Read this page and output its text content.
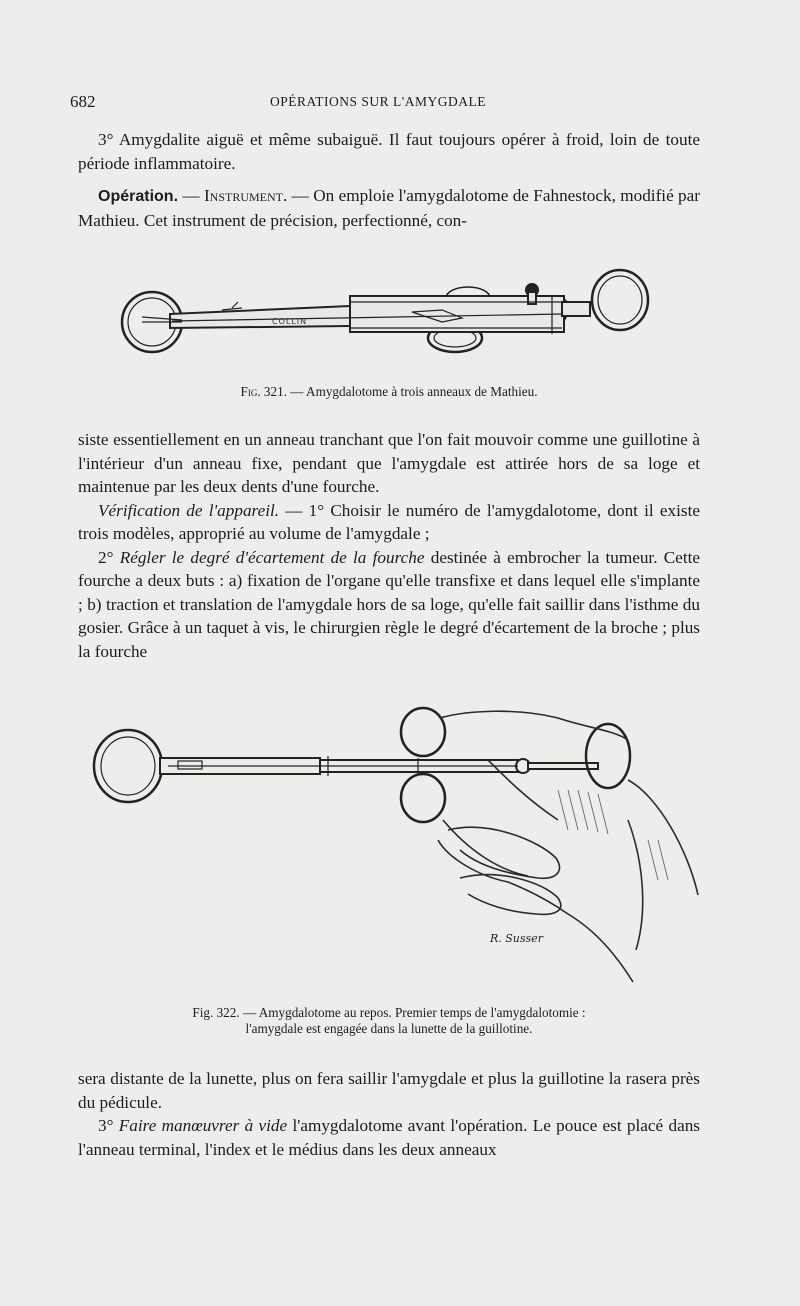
682	OPÉRATIONS SUR L'AMYGDALE

3° Amygdalite aiguë et même subaiguë. Il faut toujours opérer à froid, loin de toute période inflammatoire.

Opération. — Instrument. — On emploie l'amygdalotome de Fahnestock, modifié par Mathieu. Cet instrument de précision, perfectionné, con-

COLLIN
Fig. 321. — Amygdalotome à trois anneaux de Mathieu.

siste essentiellement en un anneau tranchant que l'on fait mouvoir comme une guillotine à l'intérieur d'un anneau fixe, pendant que l'amygdale est attirée hors de sa loge et maintenue par les deux dents d'une fourche.

Vérification de l'appareil. — 1° Choisir le numéro de l'amygdalotome, dont il existe trois modèles, approprié au volume de l'amygdale ;

2° Régler le degré d'écartement de la fourche destinée à embrocher la tumeur. Cette fourche a deux buts : a) fixation de l'organe qu'elle transfixe et dans lequel elle s'implante ; b) traction et translation de l'amygdale hors de sa loge, qu'elle fait saillir dans l'isthme du gosier. Grâce à un taquet à vis, le chirurgien règle le degré d'écartement de la broche ; plus la fourche

R. Susser
Fig. 322. — Amygdalotome au repos. Premier temps de l'amygdalotomie :
l'amygdale est engagée dans la lunette de la guillotine.

sera distante de la lunette, plus on fera saillir l'amygdale et plus la guillotine la rasera près du pédicule.

3° Faire manœuvrer à vide l'amygdalotome avant l'opération. Le pouce est placé dans l'anneau terminal, l'index et le médius dans les deux anneaux
